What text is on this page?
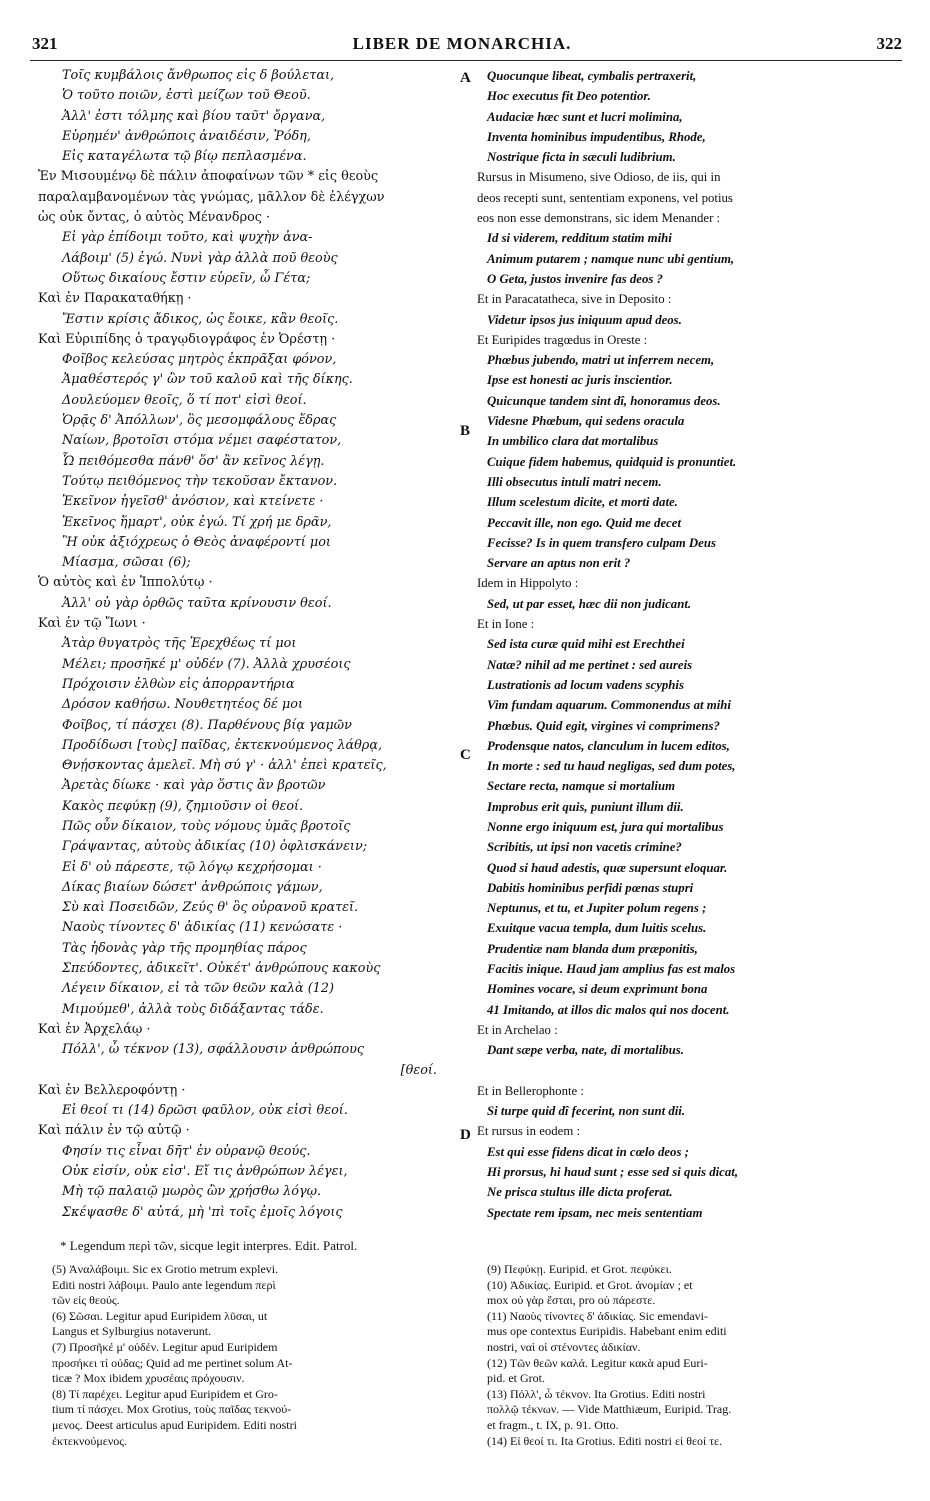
321	LIBER DE MONARCHIA.	322
Τοῖς κυμβάλοις ἄνθρωπος εἰς δ βούλεται,
Ὁ τοῦτο ποιῶν, ἐστὶ μείζων τοῦ Θεοῦ.
Ἀλλ' ἐστι τόλμης καὶ βίου ταῦτ' ὄργανα,
Εὑρημέν' ἀνθρώποις ἀναιδέσιν, Ῥόδη,
Εἰς καταγέλωτα τῷ βίῳ πεπλασμένα.
Ἐν Μισουμένῳ δὲ πάλιν ἀποφαίνων τῶν * εἰς θεοὺς
παραλαμβανομένων τὰς γνώμας, μᾶλλον δὲ ἐλέγχων
ὡς οὐκ ὄντας, ὁ αὐτὸς Μένανδρος ·
Εἰ γὰρ ἐπίδοιμι τοῦτο, καὶ ψυχὴν ἀνα-
Λάβοιμ' (5) ἐγώ. Νυνὶ γὰρ ἀλλὰ ποῦ θεοὺς
Οὕτως δικαίους ἔστιν εὑρεῖν, ὦ Γέτα;
Καὶ ἐν Παρακαταθήκῃ ·
Ἔστιν κρίσις ἄδικος, ὡς ἔοικε, κἂν θεοῖς.
Καὶ Εὐριπίδης ὁ τραγῳδιογράφος ἐν Ὀρέστῃ ·
Φοῖβος κελεύσας μητρὸς ἐκπρᾶξαι φόνον,
Ἀμαθέστερός γ' ὢν τοῦ καλοῦ καὶ τῆς δίκης.
Δουλεύομεν θεοῖς, ὅ τί ποτ' εἰσὶ θεοί.
Ὁρᾷς δ' Ἀπόλλων', ὃς μεσομφάλους ἕδρας
Ναίων, βροτοῖσι στόμα νέμει σαφέστατον,
Ὧ πειθόμεσθα πάνθ' ὅσ' ἂν κεῖνος λέγῃ.
Τούτῳ πειθόμενος τὴν τεκοῦσαν ἔκτανον.
Ἐκεῖνον ἡγεῖσθ' ἀνόσιον, καὶ κτείνετε ·
Ἐκεῖνος ἥμαρτ', οὐκ ἐγώ. Τί χρή με δρᾶν,
Ἢ οὐκ ἀξιόχρεως ὁ Θεὸς ἀναφέροντί μοι
Μίασμα, σῶσαι (6);
Ὁ αὐτὸς καὶ ἐν Ἱππολύτῳ ·
Ἀλλ' οὐ γὰρ ὀρθῶς ταῦτα κρίνουσιν θεοί.
Καὶ ἐν τῷ Ἴωνι ·
Ἀτὰρ θυγατρὸς τῆς Ἐρεχθέως τί μοι
Μέλει; προσῆκέ μ' οὐδέν (7). Ἀλλὰ χρυσέοις
Πρόχοισιν ἐλθὼν εἰς ἀπορραντήρια
Δρόσον καθήσω. Νουθετητέος δέ μοι
Φοῖβος, τί πάσχει (8). Παρθένους βίᾳ γαμῶν
Προδίδωσι [τοὺς] παῖδας, ἐκτεκνούμενος λάθρᾳ,
Θνῄσκοντας ἀμελεῖ. Μὴ σύ γ' · ἀλλ' ἐπεὶ κρατεῖς,
Ἀρετὰς δίωκε · καὶ γὰρ ὅστις ἂν βροτῶν
Κακὸς πεφύκῃ (9), ζημιοῦσιν οἱ θεοί.
Πῶς οὖν δίκαιον, τοὺς νόμους ὑμᾶς βροτοῖς
Γράψαντας, αὐτοὺς ἀδικίας (10) ὀφλισκάνειν;
Εἰ δ' οὐ πάρεστε, τῷ λόγῳ κεχρήσομαι ·
Δίκας βιαίων δώσετ' ἀνθρώποις γάμων,
Σὺ καὶ Ποσειδῶν, Ζεύς θ' ὃς οὐρανοῦ κρατεῖ.
Ναοὺς τίνοντες δ' ἀδικίας (11) κενώσατε ·
Τὰς ἡδονὰς γὰρ τῆς προμηθίας πάρος
Σπεύδοντες, ἀδικεῖτ'. Οὐκέτ' ἀνθρώπους κακοὺς
Λέγειν δίκαιον, εἰ τὰ τῶν θεῶν καλὰ (12)
Μιμούμεθ', ἀλλὰ τοὺς διδάξαντας τάδε.
Καὶ ἐν Ἀρχελάῳ ·
Πόλλ', ὦ τέκνον (13), σφάλλουσιν ἀνθρώπους
[θεοί.
Καὶ ἐν Βελλεροφόντῃ ·
Εἰ θεοί τι (14) δρῶσι φαῦλον, οὐκ εἰσὶ θεοί.
Καὶ πάλιν ἐν τῷ αὐτῷ ·
Φησίν τις εἶναι δῆτ' ἐν οὐρανῷ θεούς.
Οὐκ εἰσίν, οὐκ εἰσ'. Εἴ τις ἀνθρώπων λέγει,
Μὴ τῷ παλαιῷ μωρὸς ὢν χρήσθω λόγῳ.
Σκέψασθε δ' αὐτά, μὴ 'πὶ τοῖς ἐμοῖς λόγοις
Quocunque libeat, cymbalis pertraxerit,
Hoc executus fit Deo potentior.
Audaciæ hæc sunt et lucri molimina,
Inventa hominibus impudentibus, Rhode,
Nostrique ficta in sæculi ludibrium.
Rursus in Misumeno, sive Odioso, de iis, qui in
deos recepti sunt, sententiam exponens, vel potius
eos non esse demonstrans, sic idem Menander :
Id si viderem, redditum statim mihi
Animum putarem ; namque nunc ubi gentium,
O Geta, justos invenire fas deos ?
Et in Paracatatheca, sive in Deposito :
Videtur ipsos jus iniquum apud deos.
Et Euripides tragœdus in Oreste :
Phœbus jubendo, matri ut inferrem necem,
Ipse est honesti ac juris inscientior.
Quicunque tandem sint dî, honoramus deos.
Videsne Phœbum, qui sedens oracula
In umbilico clara dat mortalibus
Cuique fidem habemus, quidquid is pronuntiet.
Illi obsecutus intuli matri necem.
Illum scelestum dicite, et morti date.
Peccavit ille, non ego. Quid me decet
Fecisse? Is in quem transfero culpam Deus
Servare an aptus non erit ?
Idem in Hippolyto :
Sed, ut par esset, hæc dii non judicant.
Et in Ione :
Sed ista curæ quid mihi est Erechthei
Natæ? nihil ad me pertinet : sed aureis
Lustrationis ad locum vadens scyphis
Vim fundam aquarum. Commonendus at mihi
Phœbus. Quid egit, virgines vi comprimens?
Prodensque natos, clanculum in lucem editos,
In morte : sed tu haud negligas, sed dum potes,
Sectare recta, namque si mortalium
Improbus erit quis, puniunt illum dii.
Nonne ergo iniquum est, jura qui mortalibus
Scribitis, ut ipsi non vacetis crimine?
Quod si haud adestis, quæ supersunt eloquar.
Dabitis hominibus perfidi pœnas stupri
Neptunus, et tu, et Jupiter polum regens ;
Exuitque vacua templa, dum luitis scelus.
Prudentiæ nam blanda dum præponitis,
Facitis inique. Haud jam amplius fas est malos
Homines vocare, si deum exprimunt bona
41 Imitando, at illos dic malos qui nos docent.
Et in Archelao :
Dant sæpe verba, nate, di mortalibus.
Et in Bellerophonte :
Si turpe quid dî fecerint, non sunt dii.
Et rursus in eodem :
Est qui esse fidens dicat in cœlo deos ;
Hi prorsus, hi haud sunt ; esse sed si quis dicat,
Ne prisca stultus ille dicta proferat.
Spectate rem ipsam, nec meis sententiam
A
B
C
D
* Legendum περὶ τῶν, sicque legit interpres. Edit. Patrol.
(5) Ἀναλάβοιμι. Sic ex Grotio metrum explevi.
Editi nostri λάβοιμι. Paulo ante legendum περὶ
τῶν εἰς θεούς.
(6) Σῶσαι. Legitur apud Euripidem λῦσαι, ut
Langus et Sylburgius notaverunt.
(7) Προσῆκέ μ' οὐδέν. Legitur apud Euripidem
προσήκει τί οὐδας; Quid ad me pertinet solum At-
ticæ ? Mox ibidem χρυσέαις πρόχουσιν.
(8) Τί παρέχει. Legitur apud Euripidem et Gro-
tium τί πάσχει. Mox Grotius, τοὺς παῖδας τεκνού-
μενος. Deest articulus apud Euripidem. Editi nostri
ἐκτεκνούμενος.
(9) Πεφύκῃ. Euripid. et Grot. πεφύκει.
(10) Ἀδικίας. Euripid. et Grot. ἀνομίαν ; et
mox οὐ γὰρ ἔσται, pro οὐ πάρεστε.
(11) Ναοὺς τίνοντες δ' ἀδικίας. Sic emendavi-
mus ope contextus Euripidis. Habebant enim editi
nostri, ναὶ οἱ στένοντες ἀδικίαν.
(12) Τῶν θεῶν καλά. Legitur κακὰ apud Euri-
pid. et Grot.
(13) Πόλλ', ὦ τέκνον. Ita Grotius. Editi nostri
πολλῷ τέκνων. — Vide Matthiæum, Euripid. Trag.
et fragm., t. IX, p. 91. Otto.
(14) Εἰ θεοί τι. Ita Grotius. Editi nostri εἰ θεοί τε.
